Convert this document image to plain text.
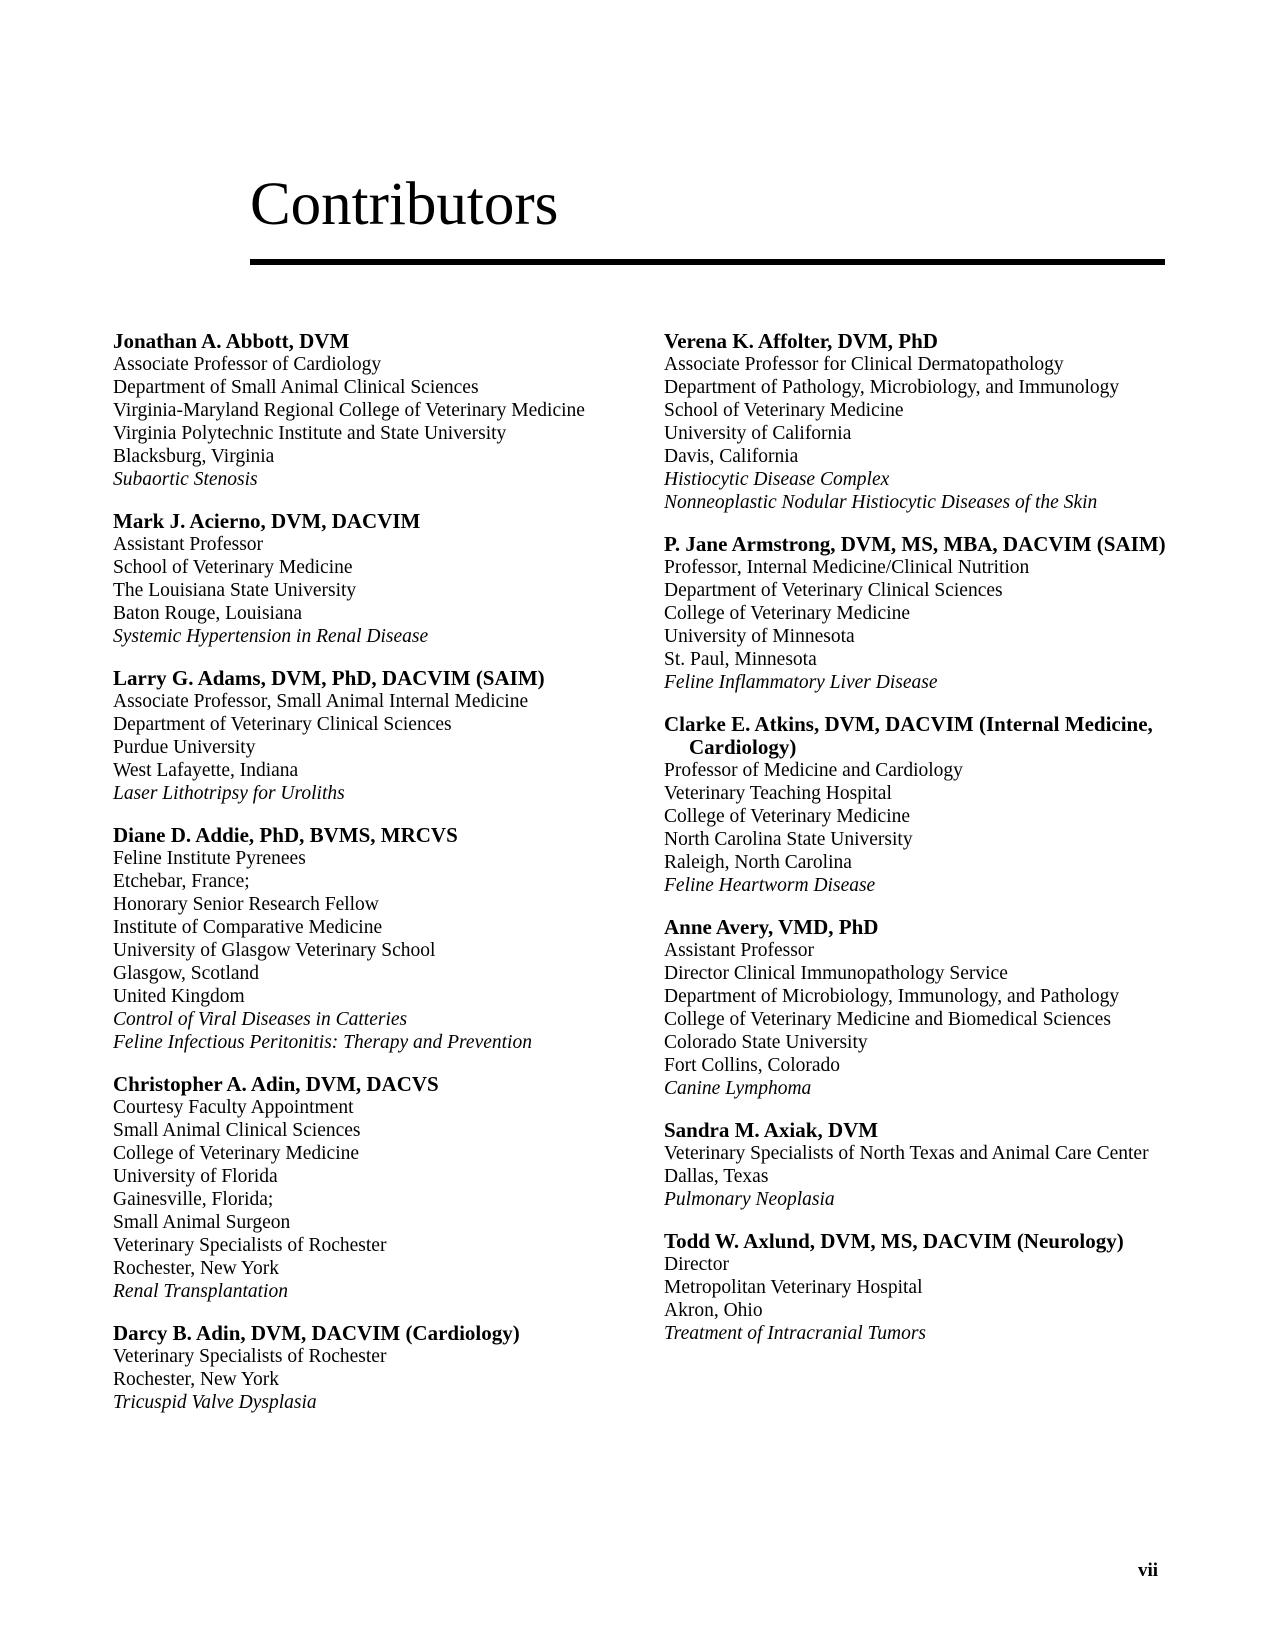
Contributors
Jonathan A. Abbott, DVM
Associate Professor of Cardiology
Department of Small Animal Clinical Sciences
Virginia-Maryland Regional College of Veterinary Medicine
Virginia Polytechnic Institute and State University
Blacksburg, Virginia
Subaortic Stenosis
Mark J. Acierno, DVM, DACVIM
Assistant Professor
School of Veterinary Medicine
The Louisiana State University
Baton Rouge, Louisiana
Systemic Hypertension in Renal Disease
Larry G. Adams, DVM, PhD, DACVIM (SAIM)
Associate Professor, Small Animal Internal Medicine
Department of Veterinary Clinical Sciences
Purdue University
West Lafayette, Indiana
Laser Lithotripsy for Uroliths
Diane D. Addie, PhD, BVMS, MRCVS
Feline Institute Pyrenees
Etchebar, France;
Honorary Senior Research Fellow
Institute of Comparative Medicine
University of Glasgow Veterinary School
Glasgow, Scotland
United Kingdom
Control of Viral Diseases in Catteries
Feline Infectious Peritonitis: Therapy and Prevention
Christopher A. Adin, DVM, DACVS
Courtesy Faculty Appointment
Small Animal Clinical Sciences
College of Veterinary Medicine
University of Florida
Gainesville, Florida;
Small Animal Surgeon
Veterinary Specialists of Rochester
Rochester, New York
Renal Transplantation
Darcy B. Adin, DVM, DACVIM (Cardiology)
Veterinary Specialists of Rochester
Rochester, New York
Tricuspid Valve Dysplasia
Verena K. Affolter, DVM, PhD
Associate Professor for Clinical Dermatopathology
Department of Pathology, Microbiology, and Immunology
School of Veterinary Medicine
University of California
Davis, California
Histiocytic Disease Complex
Nonneoplastic Nodular Histiocytic Diseases of the Skin
P. Jane Armstrong, DVM, MS, MBA, DACVIM (SAIM)
Professor, Internal Medicine/Clinical Nutrition
Department of Veterinary Clinical Sciences
College of Veterinary Medicine
University of Minnesota
St. Paul, Minnesota
Feline Inflammatory Liver Disease
Clarke E. Atkins, DVM, DACVIM (Internal Medicine, Cardiology)
Professor of Medicine and Cardiology
Veterinary Teaching Hospital
College of Veterinary Medicine
North Carolina State University
Raleigh, North Carolina
Feline Heartworm Disease
Anne Avery, VMD, PhD
Assistant Professor
Director Clinical Immunopathology Service
Department of Microbiology, Immunology, and Pathology
College of Veterinary Medicine and Biomedical Sciences
Colorado State University
Fort Collins, Colorado
Canine Lymphoma
Sandra M. Axiak, DVM
Veterinary Specialists of North Texas and Animal Care Center
Dallas, Texas
Pulmonary Neoplasia
Todd W. Axlund, DVM, MS, DACVIM (Neurology)
Director
Metropolitan Veterinary Hospital
Akron, Ohio
Treatment of Intracranial Tumors
vii
